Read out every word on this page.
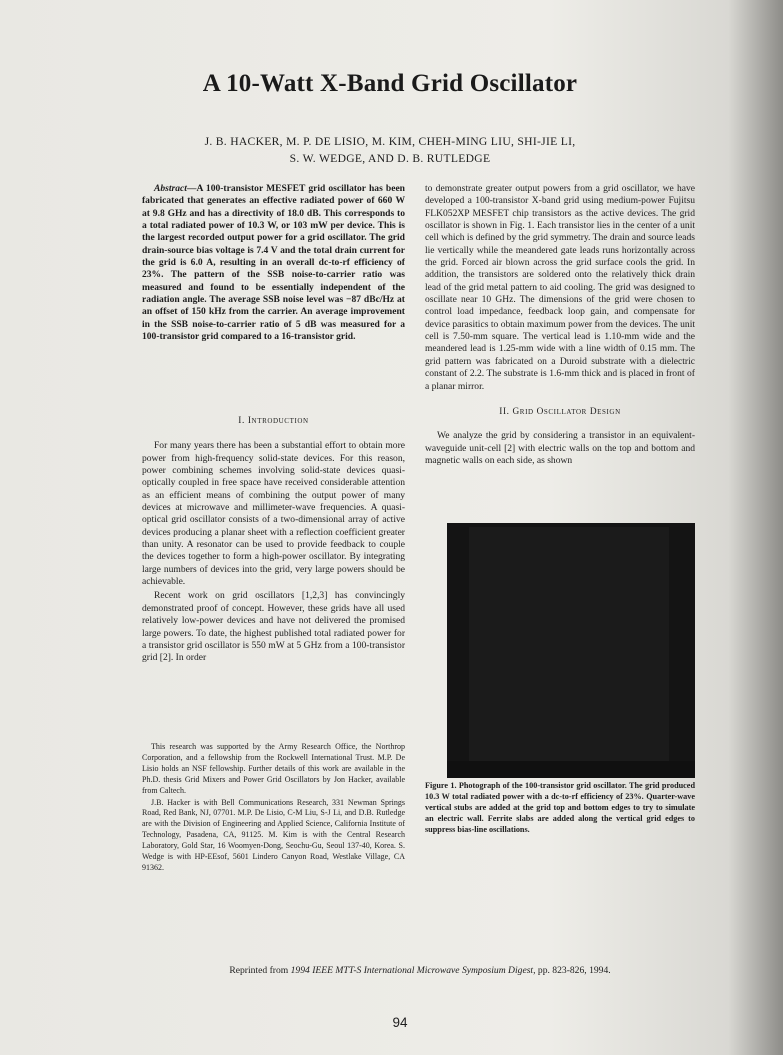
A 10-Watt X-Band Grid Oscillator
J. B. HACKER, M. P. DE LISIO, M. KIM, CHEH-MING LIU, SHI-JIE LI,
S. W. WEDGE, AND D. B. RUTLEDGE

Abstract—A 100-transistor MESFET grid oscillator has been fabricated that generates an effective radiated power of 660 W at 9.8 GHz and has a directivity of 18.0 dB. This corresponds to a total radiated power of 10.3 W, or 103 mW per device. This is the largest recorded output power for a grid oscillator. The grid drain-source bias voltage is 7.4 V and the total drain current for the grid is 6.0 A, resulting in an overall dc-to-rf efficiency of 23%. The pattern of the SSB noise-to-carrier ratio was measured and found to be essentially independent of the radiation angle. The average SSB noise level was −87 dBc/Hz at an offset of 150 kHz from the carrier. An average improvement in the SSB noise-to-carrier ratio of 5 dB was measured for a 100-transistor grid compared to a 16-transistor grid.

I. Introduction

For many years there has been a substantial effort to obtain more power from high-frequency solid-state devices. For this reason, power combining schemes involving solid-state devices quasi-optically coupled in free space have received considerable attention as an efficient means of combining the output power of many devices at microwave and millimeter-wave frequencies. A quasi-optical grid oscillator consists of a two-dimensional array of active devices producing a planar sheet with a reflection coefficient greater than unity. A resonator can be used to provide feedback to couple the devices together to form a high-power oscillator. By integrating large numbers of devices into the grid, very large powers should be achievable.

Recent work on grid oscillators [1,2,3] has convincingly demonstrated proof of concept. However, these grids have all used relatively low-power devices and have not delivered the promised large powers. To date, the highest published total radiated power for a transistor grid oscillator is 550 mW at 5 GHz from a 100-transistor grid [2]. In order

This research was supported by the Army Research Office, the Northrop Corporation, and a fellowship from the Rockwell International Trust. M.P. De Lisio holds an NSF fellowship. Further details of this work are available in the Ph.D. thesis Grid Mixers and Power Grid Oscillators by Jon Hacker, available from Caltech.

J.B. Hacker is with Bell Communications Research, 331 Newman Springs Road, Red Bank, NJ, 07701. M.P. De Lisio, C-M Liu, S-J Li, and D.B. Rutledge are with the Division of Engineering and Applied Science, California Institute of Technology, Pasadena, CA, 91125. M. Kim is with the Central Research Laboratory, Gold Star, 16 Woomyen-Dong, Seochu-Gu, Seoul 137-40, Korea. S. Wedge is with HP-EEsof, 5601 Lindero Canyon Road, Westlake Village, CA 91362.

to demonstrate greater output powers from a grid oscillator, we have developed a 100-transistor X-band grid using medium-power Fujitsu FLK052XP MESFET chip transistors as the active devices. The grid oscillator is shown in Fig. 1. Each transistor lies in the center of a unit cell which is defined by the grid symmetry. The drain and source leads lie vertically while the meandered gate leads runs horizontally across the grid. Forced air blown across the grid surface cools the grid. In addition, the transistors are soldered onto the relatively thick drain lead of the grid metal pattern to aid cooling. The grid was designed to oscillate near 10 GHz. The dimensions of the grid were chosen to control load impedance, feedback loop gain, and compensate for device parasitics to obtain maximum power from the devices. The unit cell is 7.50-mm square. The vertical lead is 1.10-mm wide and the meandered lead is 1.25-mm wide with a line width of 0.15 mm. The grid pattern was fabricated on a Duroid substrate with a dielectric constant of 2.2. The substrate is 1.6-mm thick and is placed in front of a planar mirror.

II. Grid Oscillator Design

We analyze the grid by considering a transistor in an equivalent-waveguide unit-cell [2] with electric walls on the top and bottom and magnetic walls on each side, as shown

Figure 1. Photograph of the 100-transistor grid oscillator. The grid produced 10.3 W total radiated power with a dc-to-rf efficiency of 23%. Quarter-wave vertical stubs are added at the grid top and bottom edges to try to simulate an electric wall. Ferrite slabs are added along the vertical grid edges to suppress bias-line oscillations.
Reprinted from 1994 IEEE MTT-S International Microwave Symposium Digest, pp. 823-826, 1994.
94
